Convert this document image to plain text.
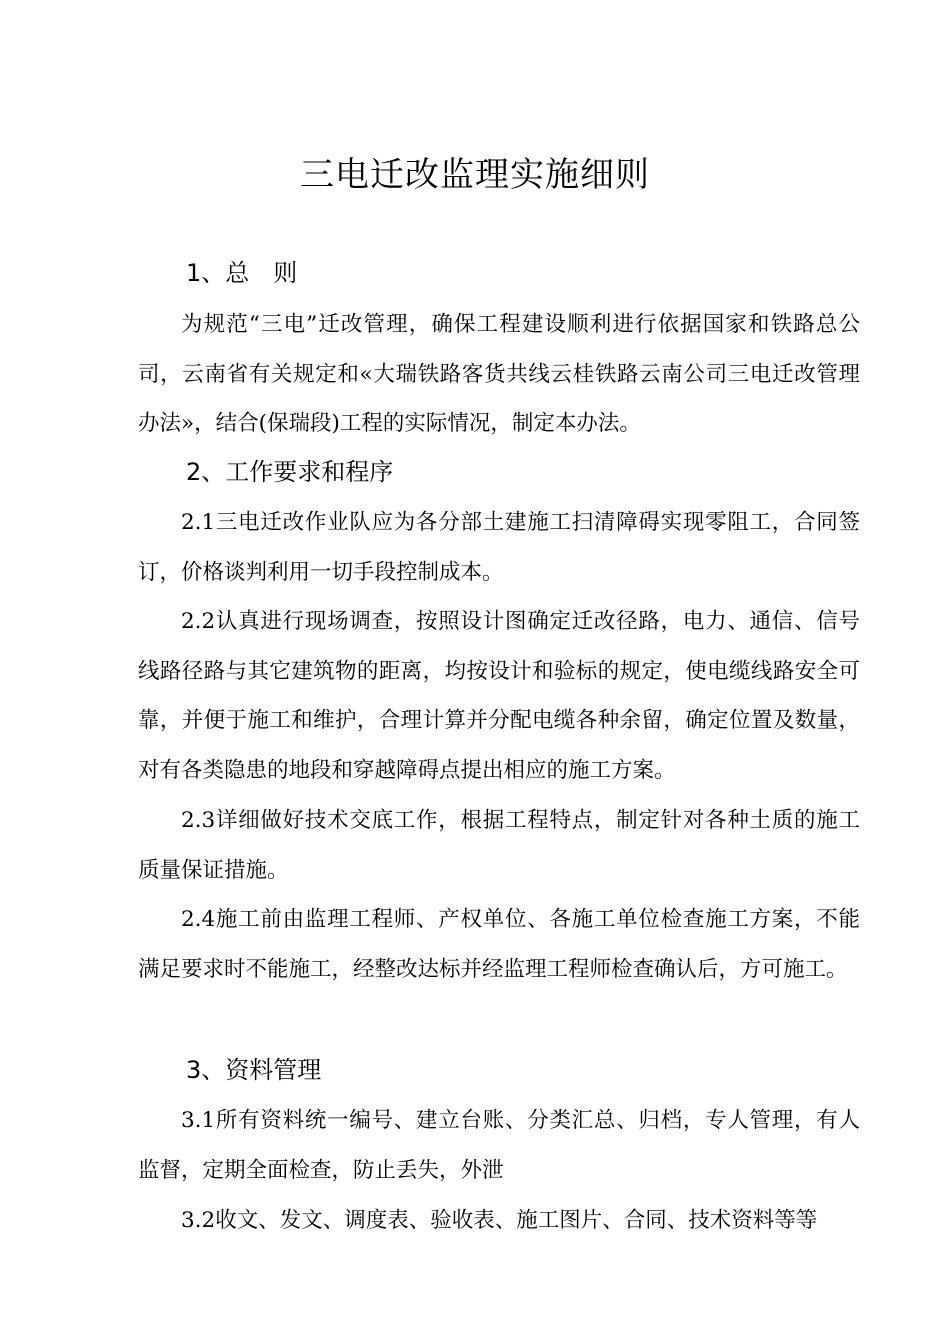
三电迁改监理实施细则
1、总　则
为规范“三电”迁改管理，确保工程建设顺利进行依据国家和铁路总公司，云南省有关规定和«大瑞铁路客货共线云桂铁路云南公司三电迁改管理办法»，结合(保瑞段)工程的实际情况，制定本办法。
2、工作要求和程序
2.1三电迁改作业队应为各分部土建施工扫清障碍实现零阻工，合同签订，价格谈判利用一切手段控制成本。
2.2认真进行现场调查，按照设计图确定迁改径路，电力、通信、信号线路径路与其它建筑物的距离，均按设计和验标的规定，使电缆线路安全可靠，并便于施工和维护，合理计算并分配电缆各种余留，确定位置及数量，对有各类隐患的地段和穿越障碍点提出相应的施工方案。
2.3详细做好技术交底工作，根据工程特点，制定针对各种土质的施工质量保证措施。
2.4施工前由监理工程师、产权单位、各施工单位检查施工方案，不能满足要求时不能施工，经整改达标并经监理工程师检查确认后，方可施工。
3、资料管理
3.1所有资料统一编号、建立台账、分类汇总、归档，专人管理，有人监督，定期全面检查，防止丢失，外泄
3.2收文、发文、调度表、验收表、施工图片、合同、技术资料等等
